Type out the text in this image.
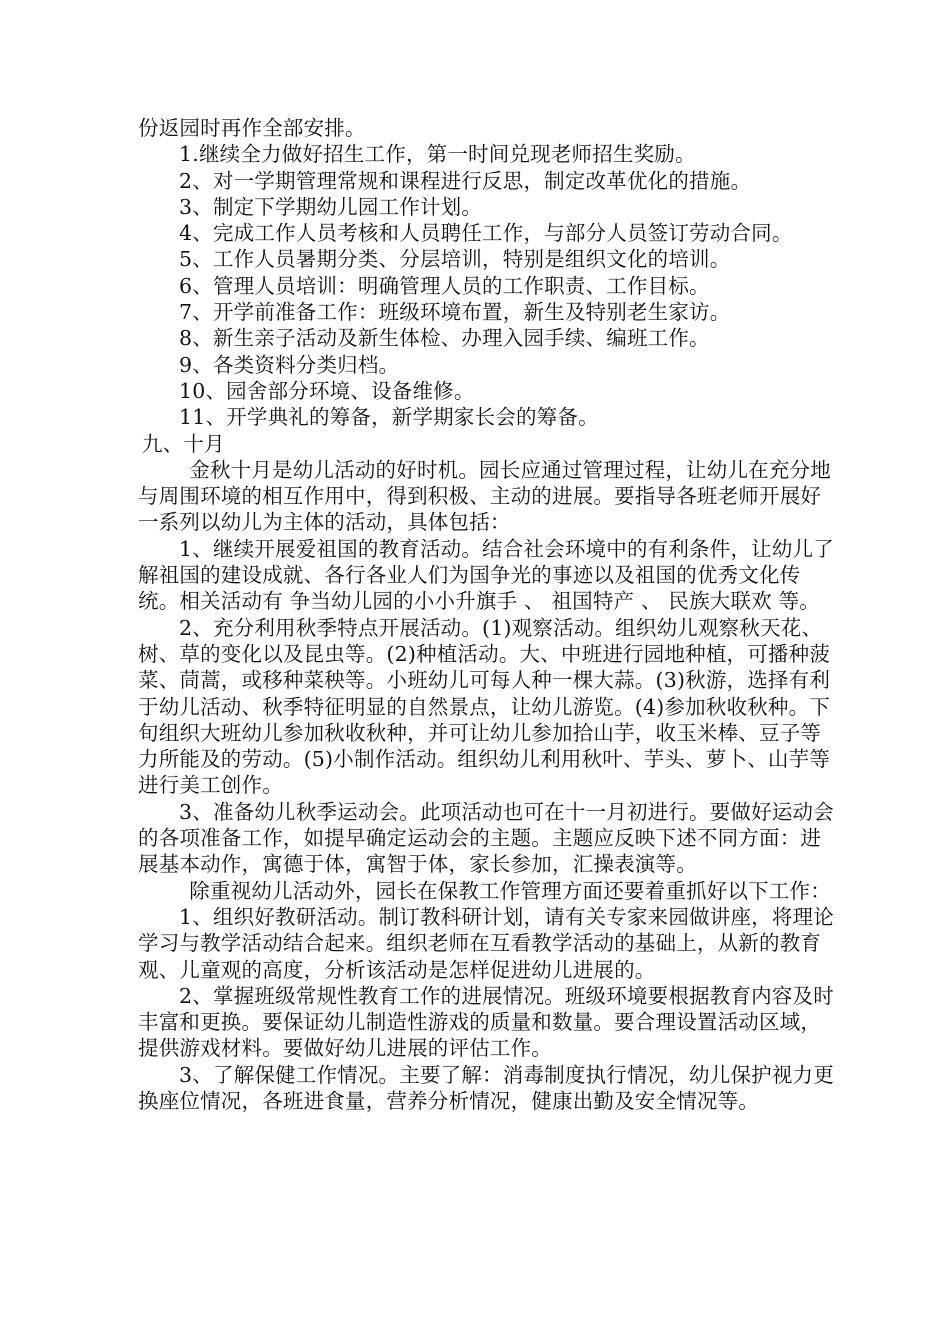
份返园时再作全部安排。

1.继续全力做好招生工作，第一时间兑现老师招生奖励。

2、对一学期管理常规和课程进行反思，制定改革优化的措施。

3、制定下学期幼儿园工作计划。

4、完成工作人员考核和人员聘任工作，与部分人员签订劳动合同。

5、工作人员暑期分类、分层培训，特别是组织文化的培训。

6、管理人员培训：明确管理人员的工作职责、工作目标。

7、开学前准备工作：班级环境布置，新生及特别老生家访。

8、新生亲子活动及新生体检、办理入园手续、编班工作。

9、各类资料分类归档。

10、园舍部分环境、设备维修。

11、开学典礼的筹备，新学期家长会的筹备。

九、十月

金秋十月是幼儿活动的好时机。园长应通过管理过程，让幼儿在充分地与周围环境的相互作用中，得到积极、主动的进展。要指导各班老师开展好一系列以幼儿为主体的活动，具体包括：

1、继续开展爱祖国的教育活动。结合社会环境中的有利条件，让幼儿了解祖国的建设成就、各行各业人们为国争光的事迹以及祖国的优秀文化传统。相关活动有 争当幼儿园的小小升旗手 、 祖国特产 、 民族大联欢 等。

2、充分利用秋季特点开展活动。(1)观察活动。组织幼儿观察秋天花、树、草的变化以及昆虫等。(2)种植活动。大、中班进行园地种植，可播种菠菜、茼蒿，或移种菜秧等。小班幼儿可每人种一棵大蒜。(3)秋游，选择有利于幼儿活动、秋季特征明显的自然景点，让幼儿游览。(4)参加秋收秋种。下旬组织大班幼儿参加秋收秋种，并可让幼儿参加拾山芋，收玉米棒、豆子等力所能及的劳动。(5)小制作活动。组织幼儿利用秋叶、芋头、萝卜、山芋等进行美工创作。

3、准备幼儿秋季运动会。此项活动也可在十一月初进行。要做好运动会的各项准备工作，如提早确定运动会的主题。主题应反映下述不同方面：进展基本动作，寓德于体，寓智于体，家长参加，汇操表演等。

除重视幼儿活动外，园长在保教工作管理方面还要着重抓好以下工作：

1、组织好教研活动。制订教科研计划，请有关专家来园做讲座，将理论学习与教学活动结合起来。组织老师在互看教学活动的基础上，从新的教育观、儿童观的高度，分析该活动是怎样促进幼儿进展的。

2、掌握班级常规性教育工作的进展情况。班级环境要根据教育内容及时丰富和更换。要保证幼儿制造性游戏的质量和数量。要合理设置活动区域，提供游戏材料。要做好幼儿进展的评估工作。

3、了解保健工作情况。主要了解：消毒制度执行情况，幼儿保护视力更换座位情况，各班进食量，营养分析情况，健康出勤及安全情况等。
